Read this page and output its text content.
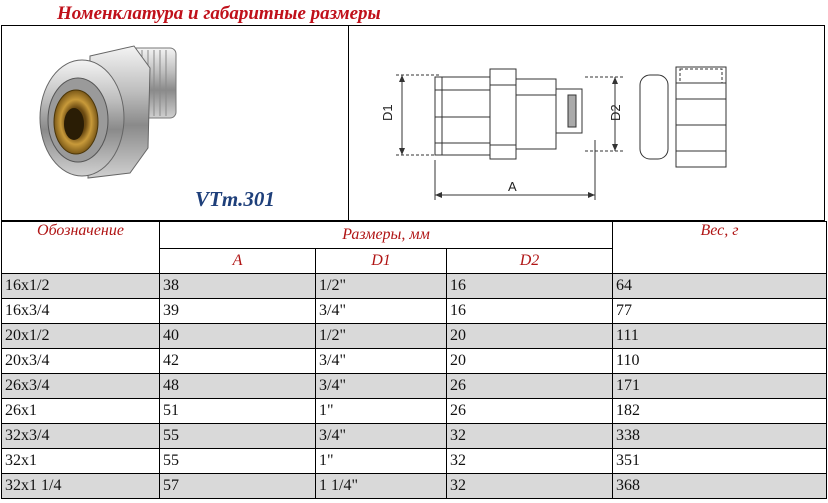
Номенклатура и габаритные размеры
VTm.301
D1	D2
A
Обозначение	Размеры, мм			Вес, г
	A	D1	D2	
16x1/2	38	1/2"	16	64
16x3/4	39	3/4"	16	77
20x1/2	40	1/2"	20	111
20x3/4	42	3/4"	20	110
26x3/4	48	3/4"	26	171
26x1	51	1"	26	182
32x3/4	55	3/4"	32	338
32x1	55	1"	32	351
32x1 1/4	57	1 1/4"	32	368
